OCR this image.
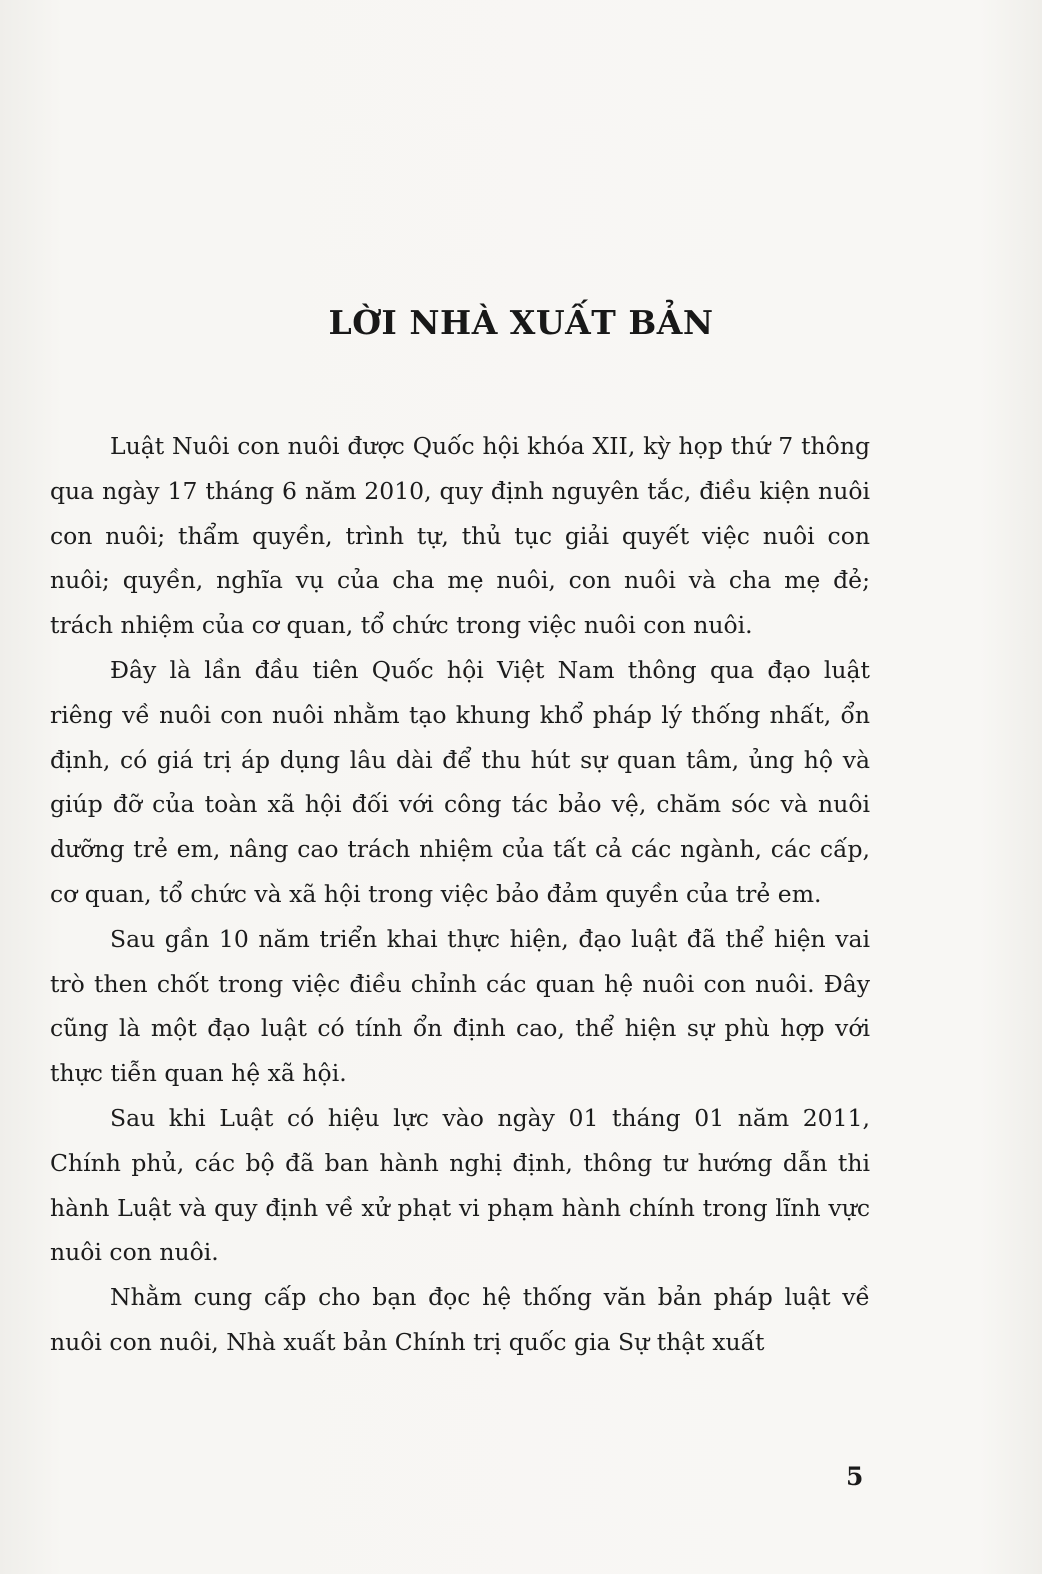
LỜI NHÀ XUẤT BẢN

Luật Nuôi con nuôi được Quốc hội khóa XII, kỳ họp thứ 7 thông qua ngày 17 tháng 6 năm 2010, quy định nguyên tắc, điều kiện nuôi con nuôi; thẩm quyền, trình tự, thủ tục giải quyết việc nuôi con nuôi; quyền, nghĩa vụ của cha mẹ nuôi, con nuôi và cha mẹ đẻ; trách nhiệm của cơ quan, tổ chức trong việc nuôi con nuôi.

Đây là lần đầu tiên Quốc hội Việt Nam thông qua đạo luật riêng về nuôi con nuôi nhằm tạo khung khổ pháp lý thống nhất, ổn định, có giá trị áp dụng lâu dài để thu hút sự quan tâm, ủng hộ và giúp đỡ của toàn xã hội đối với công tác bảo vệ, chăm sóc và nuôi dưỡng trẻ em, nâng cao trách nhiệm của tất cả các ngành, các cấp, cơ quan, tổ chức và xã hội trong việc bảo đảm quyền của trẻ em.

Sau gần 10 năm triển khai thực hiện, đạo luật đã thể hiện vai trò then chốt trong việc điều chỉnh các quan hệ nuôi con nuôi. Đây cũng là một đạo luật có tính ổn định cao, thể hiện sự phù hợp với thực tiễn quan hệ xã hội.

Sau khi Luật có hiệu lực vào ngày 01 tháng 01 năm 2011, Chính phủ, các bộ đã ban hành nghị định, thông tư hướng dẫn thi hành Luật và quy định về xử phạt vi phạm hành chính trong lĩnh vực nuôi con nuôi.

Nhằm cung cấp cho bạn đọc hệ thống văn bản pháp luật về nuôi con nuôi, Nhà xuất bản Chính trị quốc gia Sự thật xuất

5
